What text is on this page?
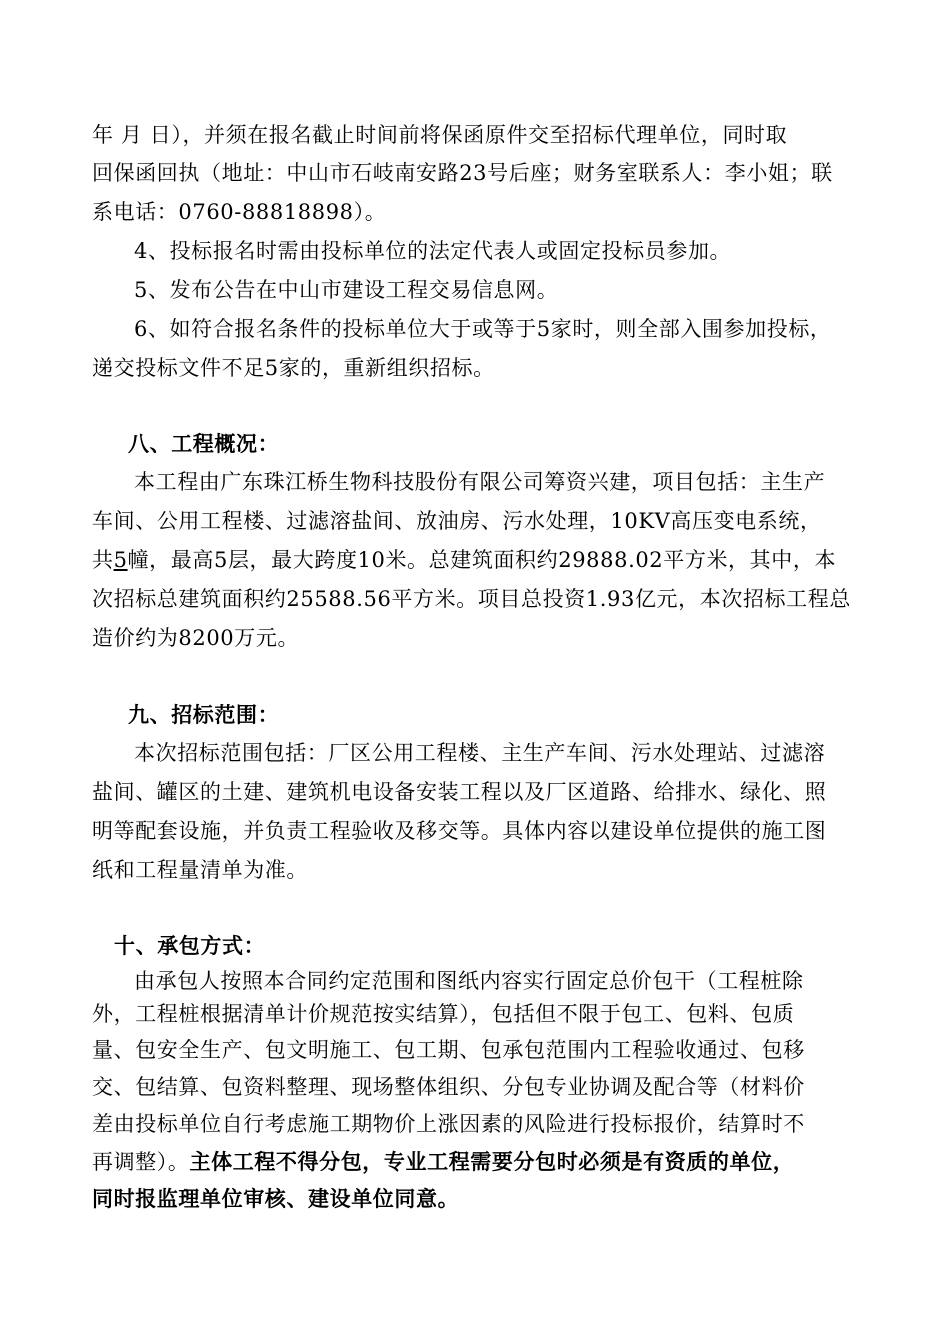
年 月 日），并须在报名截止时间前将保函原件交至招标代理单位，同时取
回保函回执（地址：中山市石岐南安路23号后座；财务室联系人：李小姐；联
系电话：0760-88818898）。
4、投标报名时需由投标单位的法定代表人或固定投标员参加。
5、发布公告在中山市建设工程交易信息网。
6、如符合报名条件的投标单位大于或等于5家时，则全部入围参加投标，
递交投标文件不足5家的，重新组织招标。
八、工程概况：
本工程由广东珠江桥生物科技股份有限公司筹资兴建，项目包括：主生产
车间、公用工程楼、过滤溶盐间、放油房、污水处理，10KV高压变电系统，
共5幢，最高5层，最大跨度10米。总建筑面积约29888.02平方米，其中，本
次招标总建筑面积约25588.56平方米。项目总投资1.93亿元，本次招标工程总
造价约为8200万元。
九、招标范围：
本次招标范围包括：厂区公用工程楼、主生产车间、污水处理站、过滤溶
盐间、罐区的土建、建筑机电设备安装工程以及厂区道路、给排水、绿化、照
明等配套设施，并负责工程验收及移交等。具体内容以建设单位提供的施工图
纸和工程量清单为准。
十、承包方式：
由承包人按照本合同约定范围和图纸内容实行固定总价包干（工程桩除
外，工程桩根据清单计价规范按实结算），包括但不限于包工、包料、包质
量、包安全生产、包文明施工、包工期、包承包范围内工程验收通过、包移
交、包结算、包资料整理、现场整体组织、分包专业协调及配合等（材料价
差由投标单位自行考虑施工期物价上涨因素的风险进行投标报价，结算时不
再调整）。主体工程不得分包，专业工程需要分包时必须是有资质的单位，
同时报监理单位审核、建设单位同意。
